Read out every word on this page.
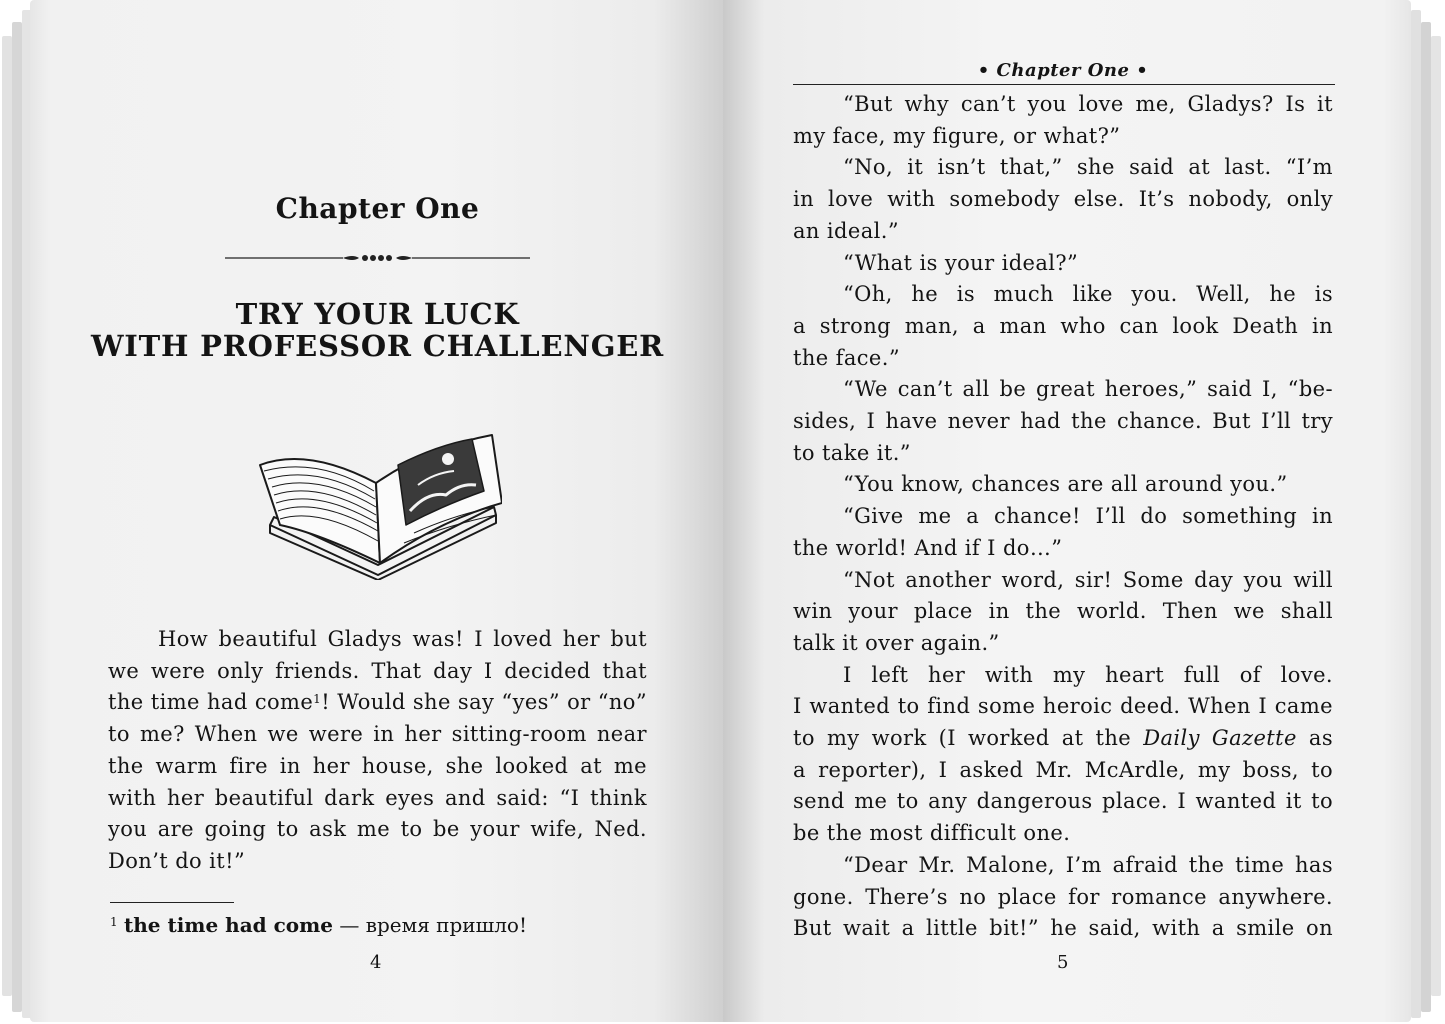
Chapter One
TRY YOUR LUCK
WITH PROFESSOR CHALLENGER

How beautiful Gladys was! I loved her but

we were only friends. That day I decided that

the time had come$^1$! Would she say “yes” or “no”

to me? When we were in her sitting-room near

the warm fire in her house, she looked at me

with her beautiful dark eyes and said: “I think

you are going to ask me to be your wife, Ned.

Don’t do it!”

$^1$ the time had come — время пришло!
4
• Chapter One •

“But why can’t you love me, Gladys? Is it

my face, my figure, or what?”

“No, it isn’t that,” she said at last. “I’m

in love with somebody else. It’s nobody, only

an ideal.”

“What is your ideal?”

“Oh, he is much like you. Well, he is

a strong man, a man who can look Death in

the face.”

“We can’t all be great heroes,” said I, “be-

sides, I have never had the chance. But I’ll try

to take it.”

“You know, chances are all around you.”

“Give me a chance! I’ll do something in

the world! And if I do…”

“Not another word, sir! Some day you will

win your place in the world. Then we shall

talk it over again.”

I left her with my heart full of love.

I wanted to find some heroic deed. When I came

to my work (I worked at the Daily Gazette as

a reporter), I asked Mr. McArdle, my boss, to

send me to any dangerous place. I wanted it to

be the most difficult one.

“Dear Mr. Malone, I’m afraid the time has

gone. There’s no place for romance anywhere.

But wait a little bit!” he said, with a smile on

5
